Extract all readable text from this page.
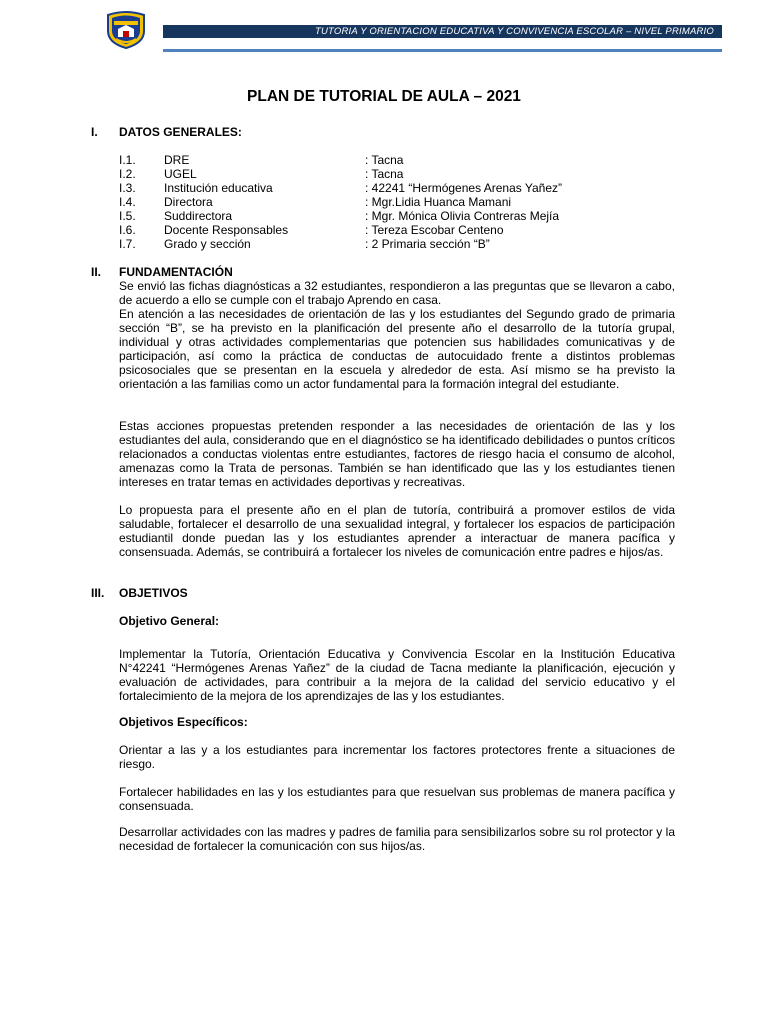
TUTORIA Y ORIENTACION EDUCATIVA Y CONVIVENCIA ESCOLAR – NIVEL PRIMARIO
PLAN DE TUTORIAL DE AULA – 2021
I. DATOS GENERALES:
I.1. DRE	: Tacna
I.2. UGEL	: Tacna
I.3. Institución educativa	: 42241 “Hermógenes Arenas Yañez”
I.4. Directora	: Mgr.Lidia Huanca Mamani
I.5. Suddirectora	: Mgr. Mónica Olivia Contreras Mejía
I.6. Docente Responsables	: Tereza Escobar Centeno
I.7. Grado y sección	: 2 Primaria sección “B”
II. FUNDAMENTACIÓN

Se envió las fichas diagnósticas a 32 estudiantes, respondieron a las preguntas que se llevaron a cabo, de acuerdo a ello se cumple con el trabajo Aprendo en casa.

En atención a las necesidades de orientación de las y los estudiantes del Segundo grado de primaria sección “B”, se ha previsto en la planificación del presente año el desarrollo de la tutoría grupal, individual y otras actividades complementarias que potencien sus habilidades comunicativas y de participación, así como la práctica de conductas de autocuidado frente a distintos problemas psicosociales que se presentan en la escuela y alrededor de esta. Así mismo se ha previsto la orientación a las familias como un actor fundamental para la formación integral del estudiante.

Estas acciones propuestas pretenden responder a las necesidades de orientación de las y los estudiantes del aula, considerando que en el diagnóstico se ha identificado debilidades o puntos críticos relacionados a conductas violentas entre estudiantes, factores de riesgo hacia el consumo de alcohol, amenazas como la Trata de personas. También se han identificado que las y los estudiantes tienen intereses en tratar temas en actividades deportivas y recreativas.

Lo propuesta para el presente año en el plan de tutoría, contribuirá a promover estilos de vida saludable, fortalecer el desarrollo de una sexualidad integral, y fortalecer los espacios de participación estudiantil donde puedan las y los estudiantes aprender a interactuar de manera pacífica y consensuada. Además, se contribuirá a fortalecer los niveles de comunicación entre padres e hijos/as.

III. OBJETIVOS
Objetivo General:

Implementar la Tutoría, Orientación Educativa y Convivencia Escolar en la Institución Educativa N°42241 “Hermógenes Arenas Yañez” de la ciudad de Tacna mediante la planificación, ejecución y evaluación de actividades, para contribuir a la mejora de la calidad del servicio educativo y el fortalecimiento de la mejora de los aprendizajes de las y los estudiantes.

Objetivos Específicos:

Orientar a las y a los estudiantes para incrementar los factores protectores frente a situaciones de riesgo.

Fortalecer habilidades en las y los estudiantes para que resuelvan sus problemas de manera pacífica y consensuada.

Desarrollar actividades con las madres y padres de familia para sensibilizarlos sobre su rol protector y la necesidad de fortalecer la comunicación con sus hijos/as.
